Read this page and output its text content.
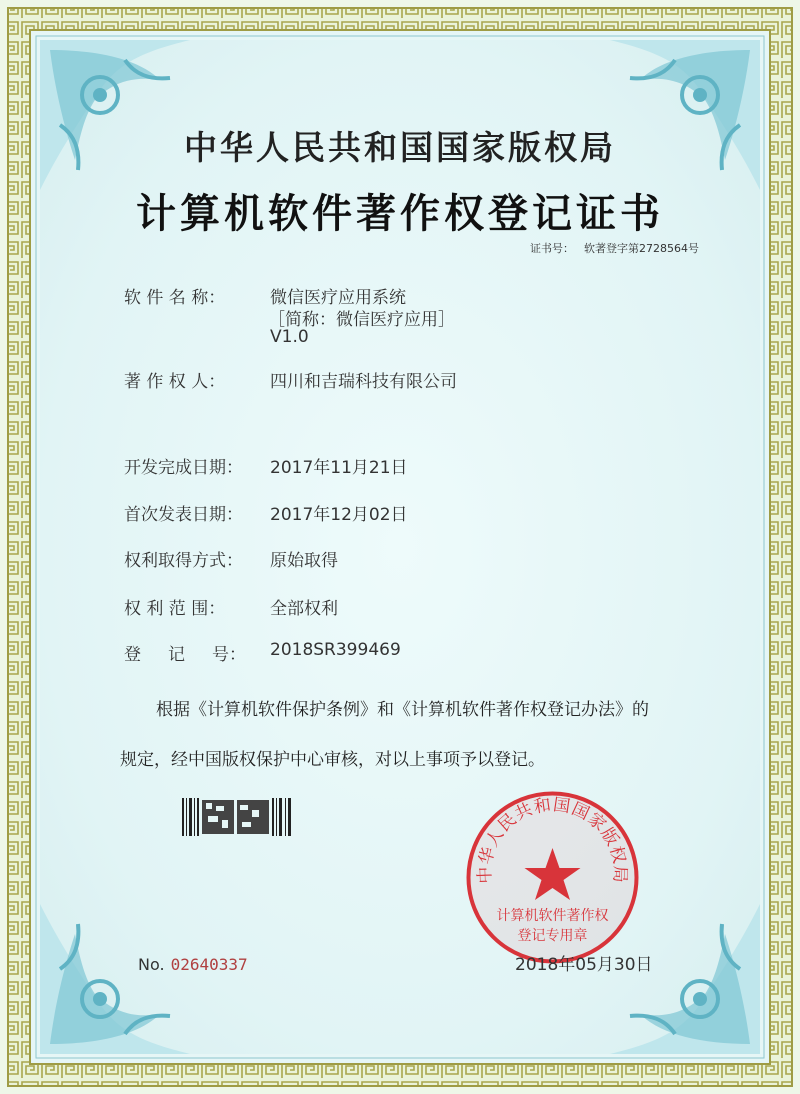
中华人民共和国国家版权局
计算机软件著作权登记证书
证书号： 软著登字第2728564号
软 件 名 称：	微信医疗应用系统
［简称：微信医疗应用］
V1.0
著 作 权 人：	四川和吉瑞科技有限公司
开发完成日期： 2017年11月21日
首次发表日期： 2017年12月02日
权利取得方式： 原始取得
权 利 范 围：	全部权利
登     记     号： 2018SR399469
根据《计算机软件保护条例》和《计算机软件著作权登记办法》的
规定，经中国版权保护中心审核，对以上事项予以登记。
中华人民共和国国家版权局
计算机软件著作权
登记专用章
No. 02640337	2018年05月30日
